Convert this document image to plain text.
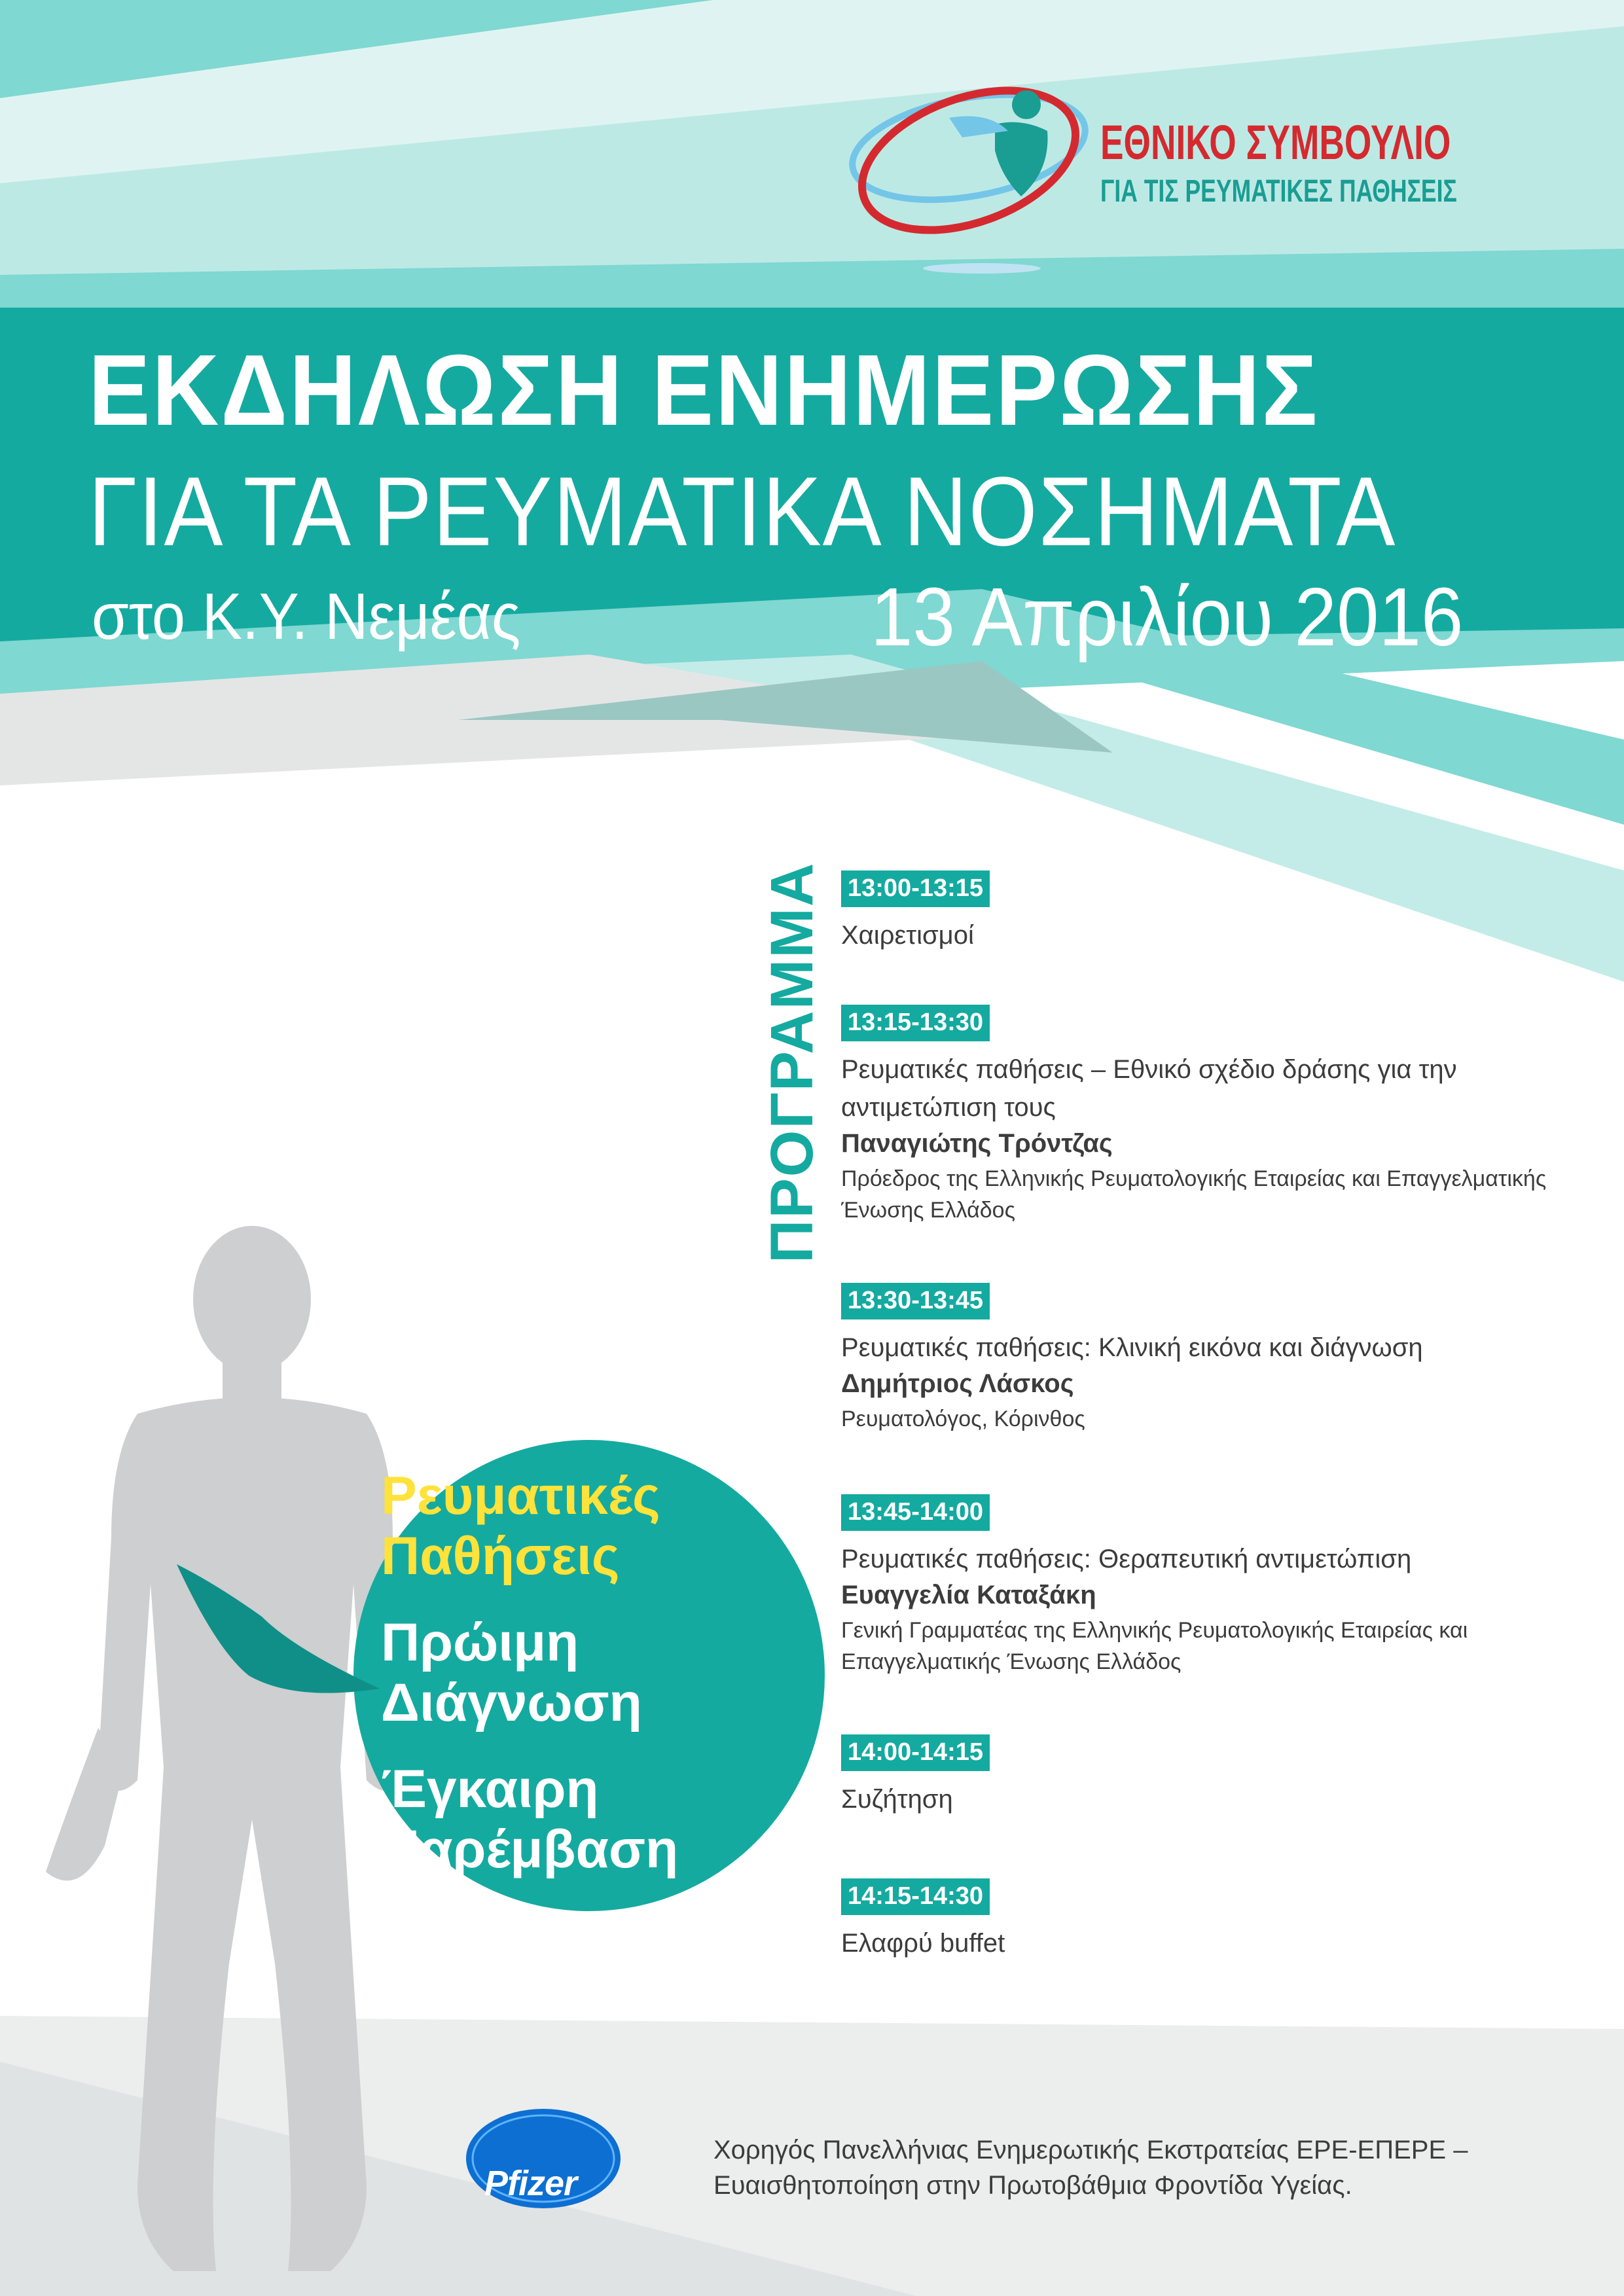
ΕΘΝΙΚΟ ΣΥΜΒΟΥΛΙΟ
ΓΙΑ ΤΙΣ ΡΕΥΜΑΤΙΚΕΣ ΠΑΘΗΣΕΙΣ
ΕΚΔΗΛΩΣΗ ΕΝΗΜΕΡΩΣΗΣ
ΓΙΑ ΤΑ ΡΕΥΜΑΤΙΚΑ ΝΟΣΗΜΑΤΑ
στο Κ.Υ. Νεμέας	13 Απριλίου 2016
ΠΡΟΓΡΑΜΜΑ 13:00-13:15
Χαιρετισμοί
13:15-13:30
Ρευματικές παθήσεις – Εθνικό σχέδιο δράσης για την αντιμετώπιση τους
Παναγιώτης Τρόντζας
Πρόεδρος της Ελληνικής Ρευματολογικής Εταιρείας και Επαγγελματικής Ένωσης Ελλάδος
13:30-13:45
Ρευματικές παθήσεις: Κλινική εικόνα και διάγνωση
Δημήτριος Λάσκος
Ρευματολόγος, Κόρινθος
13:45-14:00
Ρευματικές παθήσεις: Θεραπευτική αντιμετώπιση
Ευαγγελία Καταξάκη
Γενική Γραμματέας της Ελληνικής Ρευματολογικής Εταιρείας και Επαγγελματικής Ένωσης Ελλάδος
14:00-14:15
Συζήτηση
14:15-14:30
Ελαφρύ buffet
Ρευματικές
Παθήσεις
Πρώιμη
Διάγνωση
Έγκαιρη
Παρέμβαση
Pfizer
Χορηγός Πανελλήνιας Ενημερωτικής Εκστρατείας ΕΡΕ-ΕΠΕΡΕ –
Ευαισθητοποίηση στην Πρωτοβάθμια Φροντίδα Υγείας.
